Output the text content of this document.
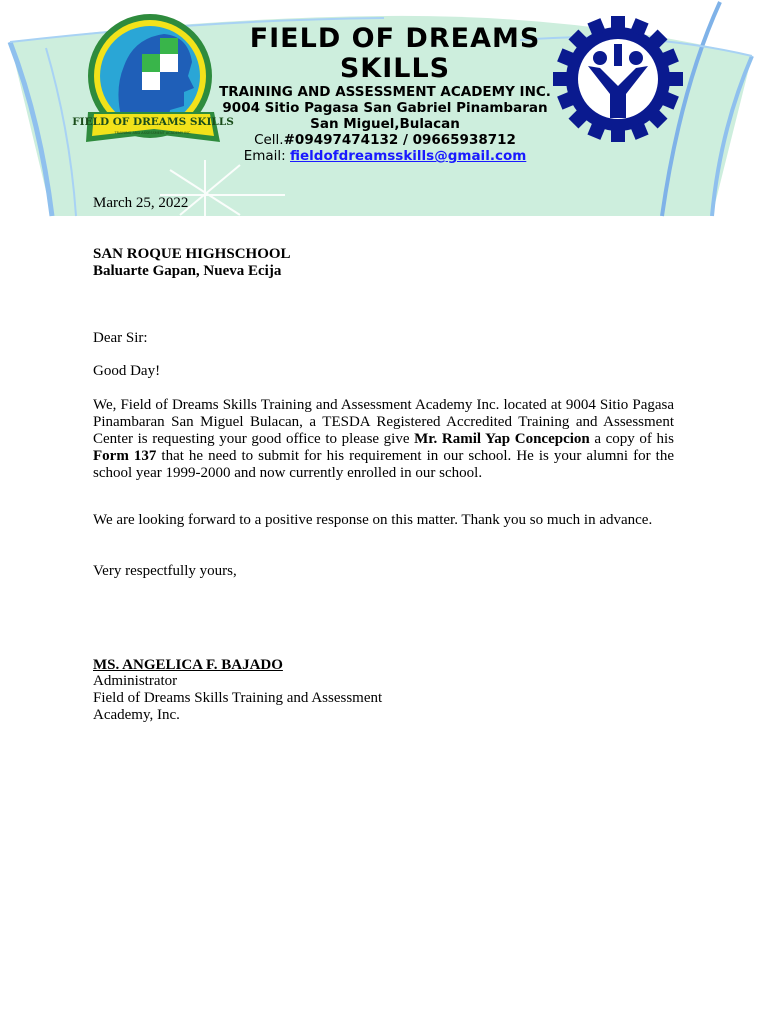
FIELD OF DREAMS SKILLS
TRAINING AND ASSESSMENT ACADEMY INC.
FIELD OF DREAMS SKILLS
TRAINING AND ASSESSMENT ACADEMY INC.
9004 Sitio Pagasa San Gabriel Pinambaran
San Miguel,Bulacan
Cell.#09497474132 / 09665938712
Email: fieldofdreamsskills@gmail.com
March 25, 2022
SAN ROQUE HIGHSCHOOL
Baluarte Gapan, Nueva Ecija
Dear Sir:
Good Day!
We, Field of Dreams Skills Training and Assessment Academy Inc. located at 9004 Sitio Pagasa Pinambaran San Miguel Bulacan, a TESDA Registered Accredited Training and Assessment Center is requesting your good office to please give Mr. Ramil Yap Concepcion a copy of his Form 137 that he need to submit for his requirement in our school. He is your alumni for the school year 1999-2000 and now currently enrolled in our school.
We are looking forward to a positive response on this matter. Thank you so much in advance.
Very respectfully yours,
MS. ANGELICA F. BAJADO
Administrator
Field of Dreams Skills Training and Assessment
Academy, Inc.
